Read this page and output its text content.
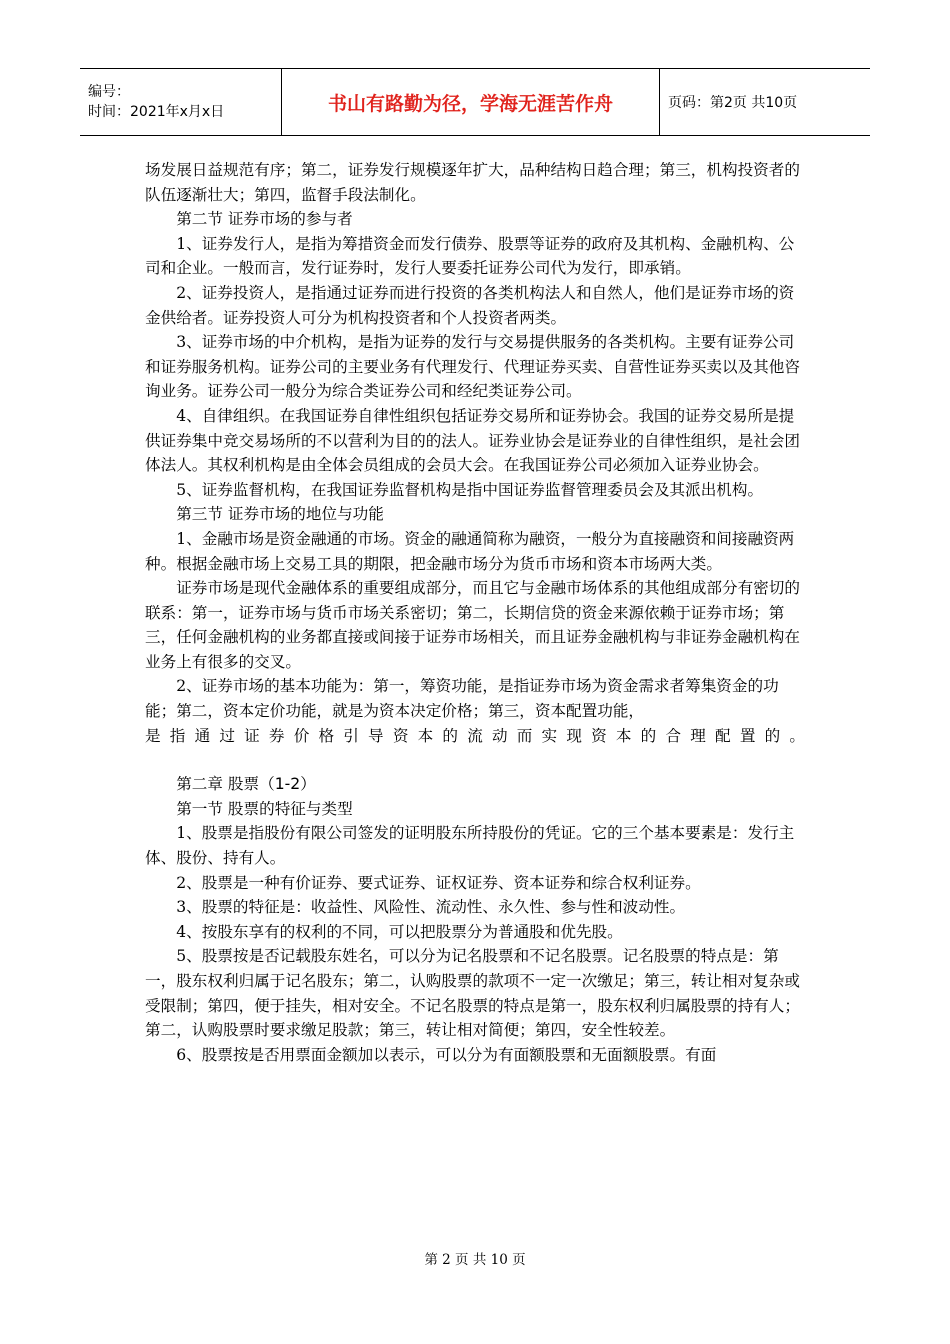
编号：
时间：2021年x月x日	书山有路勤为径，学海无涯苦作舟	页码：第2页 共10页

场发展日益规范有序；第二，证券发行规模逐年扩大，品种结构日趋合理；第三，机构投资者的队伍逐渐壮大；第四，监督手段法制化。

第二节 证券市场的参与者

1、证券发行人，是指为筹措资金而发行债券、股票等证券的政府及其机构、金融机构、公司和企业。一般而言，发行证券时，发行人要委托证券公司代为发行，即承销。

2、证券投资人，是指通过证券而进行投资的各类机构法人和自然人，他们是证券市场的资金供给者。证券投资人可分为机构投资者和个人投资者两类。

3、证券市场的中介机构，是指为证券的发行与交易提供服务的各类机构。主要有证券公司和证券服务机构。证券公司的主要业务有代理发行、代理证券买卖、自营性证券买卖以及其他咨询业务。证券公司一般分为综合类证券公司和经纪类证券公司。

4、自律组织。在我国证券自律性组织包括证券交易所和证券协会。我国的证券交易所是提供证券集中竞交易场所的不以营利为目的的法人。证券业协会是证券业的自律性组织，是社会团体法人。其权利机构是由全体会员组成的会员大会。在我国证券公司必须加入证券业协会。

5、证券监督机构，在我国证券监督机构是指中国证券监督管理委员会及其派出机构。

第三节 证券市场的地位与功能

1、金融市场是资金融通的市场。资金的融通简称为融资，一般分为直接融资和间接融资两种。根据金融市场上交易工具的期限，把金融市场分为货币市场和资本市场两大类。

证券市场是现代金融体系的重要组成部分，而且它与金融市场体系的其他组成部分有密切的联系：第一，证券市场与货币市场关系密切；第二，长期信贷的资金来源依赖于证券市场；第三，任何金融机构的业务都直接或间接于证券市场相关，而且证券金融机构与非证券金融机构在业务上有很多的交叉。

2、证券市场的基本功能为：第一，筹资功能，是指证券市场为资金需求者筹集资金的功能；第二，资本定价功能，就是为资本决定价格；第三，资本配置功能，

是指通过证券价格引导资本的流动而实现资本的合理配置的。

第二章 股票（1-2）

第一节 股票的特征与类型

1、股票是指股份有限公司签发的证明股东所持股份的凭证。它的三个基本要素是：发行主体、股份、持有人。

2、股票是一种有价证券、要式证券、证权证券、资本证券和综合权利证券。

3、股票的特征是：收益性、风险性、流动性、永久性、参与性和波动性。

4、按股东享有的权利的不同，可以把股票分为普通股和优先股。

5、股票按是否记载股东姓名，可以分为记名股票和不记名股票。记名股票的特点是：第一，股东权利归属于记名股东；第二，认购股票的款项不一定一次缴足；第三，转让相对复杂或受限制；第四，便于挂失，相对安全。不记名股票的特点是第一，股东权利归属股票的持有人；第二，认购股票时要求缴足股款；第三，转让相对简便；第四，安全性较差。

6、股票按是否用票面金额加以表示，可以分为有面额股票和无面额股票。有面

第 2 页 共 10 页
